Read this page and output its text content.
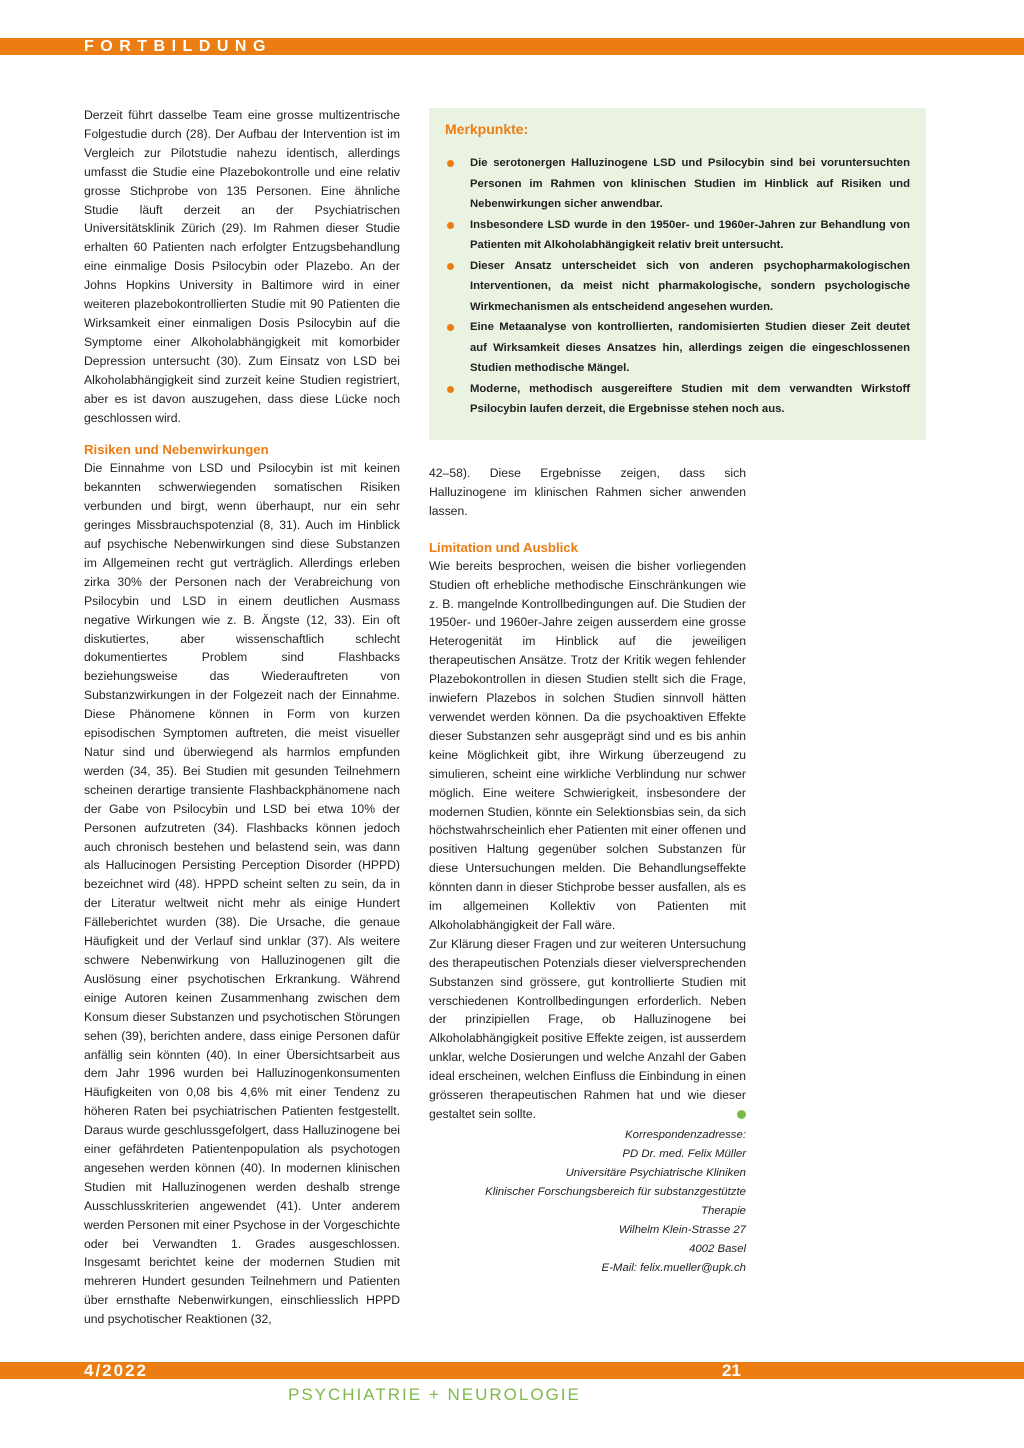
FORTBILDUNG

Derzeit führt dasselbe Team eine grosse multizentrische Folgestudie durch (28). Der Aufbau der Intervention ist im Vergleich zur Pilotstudie nahezu identisch, allerdings umfasst die Studie eine Plazebokontrolle und eine relativ grosse Stichprobe von 135 Personen. Eine ähnliche Studie läuft derzeit an der Psychiatrischen Universitätsklinik Zürich (29). Im Rahmen dieser Studie erhalten 60 Patienten nach erfolgter Entzugsbehandlung eine einmalige Dosis Psilocybin oder Plazebo. An der Johns Hopkins University in Baltimore wird in einer weiteren plazebokontrollierten Studie mit 90 Patienten die Wirksamkeit einer einmaligen Dosis Psilocybin auf die Symptome einer Alkoholabhängigkeit mit komorbider Depression untersucht (30). Zum Einsatz von LSD bei Alkoholabhängigkeit sind zurzeit keine Studien registriert, aber es ist davon auszugehen, dass diese Lücke noch geschlossen wird.

Risiken und Nebenwirkungen

Die Einnahme von LSD und Psilocybin ist mit keinen bekannten schwerwiegenden somatischen Risiken verbunden und birgt, wenn überhaupt, nur ein sehr geringes Missbrauchspotenzial (8, 31). Auch im Hinblick auf psychische Nebenwirkungen sind diese Substanzen im Allgemeinen recht gut verträglich. Allerdings erleben zirka 30% der Personen nach der Verabreichung von Psilocybin und LSD in einem deutlichen Ausmass negative Wirkungen wie z. B. Ängste (12, 33). Ein oft diskutiertes, aber wissenschaftlich schlecht dokumentiertes Problem sind Flashbacks beziehungsweise das Wiederauftreten von Substanzwirkungen in der Folgezeit nach der Einnahme. Diese Phänomene können in Form von kurzen episodischen Symptomen auftreten, die meist visueller Natur sind und überwiegend als harmlos empfunden werden (34, 35). Bei Studien mit gesunden Teilnehmern scheinen derartige transiente Flashbackphänomene nach der Gabe von Psilocybin und LSD bei etwa 10% der Personen aufzutreten (34). Flashbacks können jedoch auch chronisch bestehen und belastend sein, was dann als Hallucinogen Persisting Perception Disorder (HPPD) bezeichnet wird (48). HPPD scheint selten zu sein, da in der Literatur weltweit nicht mehr als einige Hundert Fälleberichtet wurden (38). Die Ursache, die genaue Häufigkeit und der Verlauf sind unklar (37). Als weitere schwere Nebenwirkung von Halluzinogenen gilt die Auslösung einer psychotischen Erkrankung. Während einige Autoren keinen Zusammenhang zwischen dem Konsum dieser Substanzen und psychotischen Störungen sehen (39), berichten andere, dass einige Personen dafür anfällig sein könnten (40). In einer Übersichtsarbeit aus dem Jahr 1996 wurden bei Halluzinogenkonsumenten Häufigkeiten von 0,08 bis 4,6% mit einer Tendenz zu höheren Raten bei psychiatrischen Patienten festgestellt. Daraus wurde geschlussgefolgert, dass Halluzinogene bei einer gefährdeten Patientenpopulation als psychotogen angesehen werden können (40). In modernen klinischen Studien mit Halluzinogenen werden deshalb strenge Ausschlusskriterien angewendet (41). Unter anderem werden Personen mit einer Psychose in der Vorgeschichte oder bei Verwandten 1. Grades ausgeschlossen. Insgesamt berichtet keine der modernen Studien mit mehreren Hundert gesunden Teilnehmern und Patienten über ernsthafte Nebenwirkungen, einschliesslich HPPD und psychotischer Reaktionen (32,

Merkpunkte:
Die serotonergen Halluzinogene LSD und Psilocybin sind bei voruntersuchten Personen im Rahmen von klinischen Studien im Hinblick auf Risiken und Nebenwirkungen sicher anwendbar.
Insbesondere LSD wurde in den 1950er- und 1960er-Jahren zur Behandlung von Patienten mit Alkoholabhängigkeit relativ breit untersucht.
Dieser Ansatz unterscheidet sich von anderen psychopharmakologischen Interventionen, da meist nicht pharmakologische, sondern psychologische Wirkmechanismen als entscheidend angesehen wurden.
Eine Metaanalyse von kontrollierten, randomisierten Studien dieser Zeit deutet auf Wirksamkeit dieses Ansatzes hin, allerdings zeigen die eingeschlossenen Studien methodische Mängel.
Moderne, methodisch ausgereiftere Studien mit dem verwandten Wirkstoff Psilocybin laufen derzeit, die Ergebnisse stehen noch aus.

42–58). Diese Ergebnisse zeigen, dass sich Halluzinogene im klinischen Rahmen sicher anwenden lassen.

Limitation und Ausblick

Wie bereits besprochen, weisen die bisher vorliegenden Studien oft erhebliche methodische Einschränkungen wie z. B. mangelnde Kontrollbedingungen auf. Die Studien der 1950er- und 1960er-Jahre zeigen ausserdem eine grosse Heterogenität im Hinblick auf die jeweiligen therapeutischen Ansätze. Trotz der Kritik wegen fehlender Plazebokontrollen in diesen Studien stellt sich die Frage, inwiefern Plazebos in solchen Studien sinnvoll hätten verwendet werden können. Da die psychoaktiven Effekte dieser Substanzen sehr ausgeprägt sind und es bis anhin keine Möglichkeit gibt, ihre Wirkung überzeugend zu simulieren, scheint eine wirkliche Verblindung nur schwer möglich. Eine weitere Schwierigkeit, insbesondere der modernen Studien, könnte ein Selektionsbias sein, da sich höchstwahrscheinlich eher Patienten mit einer offenen und positiven Haltung gegenüber solchen Substanzen für diese Untersuchungen melden. Die Behandlungseffekte könnten dann in dieser Stichprobe besser ausfallen, als es im allgemeinen Kollektiv von Patienten mit Alkoholabhängigkeit der Fall wäre.

Zur Klärung dieser Fragen und zur weiteren Untersuchung des therapeutischen Potenzials dieser vielversprechenden Substanzen sind grössere, gut kontrollierte Studien mit verschiedenen Kontrollbedingungen erforderlich. Neben der prinzipiellen Frage, ob Halluzinogene bei Alkoholabhängigkeit positive Effekte zeigen, ist ausserdem unklar, welche Dosierungen und welche Anzahl der Gaben ideal erscheinen, welchen Einfluss die Einbindung in einen grösseren therapeutischen Rahmen hat und wie dieser gestaltet sein sollte.

Korrespondenzadresse:
PD Dr. med. Felix Müller
Universitäre Psychiatrische Kliniken
Klinischer Forschungsbereich für substanzgestützte
Therapie
Wilhelm Klein-Strasse 27
4002 Basel
E-Mail: felix.mueller@upk.ch
4/2022	21
PSYCHIATRIE + NEUROLOGIE
